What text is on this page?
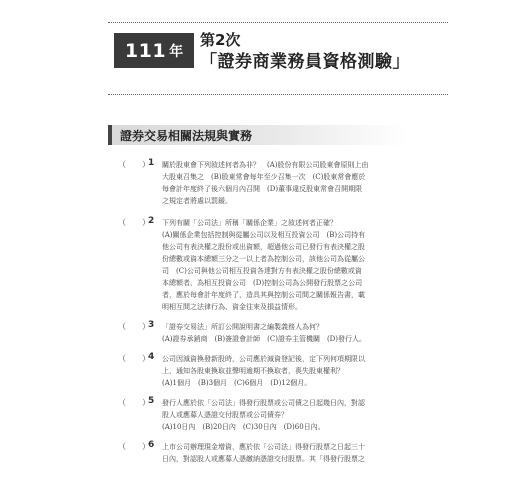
111 年
第2次
「證券商業務員資格測驗」
證券交易相關法規與實務
（　　）
1 關於股東會下列敘述何者為非？　(A)股份有限公司股東會原則上由
大股東召集之　(B)股東常會每年至少召集一次　(C)股東常會應於
每會計年度終了後六個月內召開　(D)董事違反股東常會召開期限
之規定者將處以罰鍰。
（　　）
2 下列有關「公司法」所稱「關係企業」之敘述何者正確？
(A)關係企業包括控制與從屬公司以及相互投資公司　(B)公司持有
他公司有表決權之股份或出資額，超過他公司已發行有表決權之股
份總數或資本總額三分之一以上者為控制公司，該他公司為從屬公
司　(C)公司與他公司相互投資各達對方有表決權之股份總數或資
本總額者，為相互投資公司　(D)控制公司為公開發行股票之公司
者，應於每會計年度終了，造具其與控制公司間之關係報告書，載
明相互間之法律行為、資金往來及損益情形。
（　　）
3 「證券交易法」所訂公開說明書之編製義務人為何？
(A)證券承銷商　(B)簽證會計師　(C)證券主管機關　(D)發行人。
（　　）
4 公司因減資換發新股時，公司應於減資登記後，定下列何項期限以
上，通知各股東換取並聲明逾期不換取者，喪失股東權利？
(A)1個月　(B)3個月　(C)6個月　(D)12個月。
（　　）
5 發行人應於依「公司法」得發行股票或公司債之日起幾日內，對認
股人或應募人憑證交付股票或公司債券？
(A)10日內　(B)20日內　(C)30日內　(D)60日內。
（　　）
6 上市公司辦理現金增資，應於依「公司法」得發行股票之日起三十
日內，對認股人或應募人憑繳納憑證交付股票。其「得發行股票之
